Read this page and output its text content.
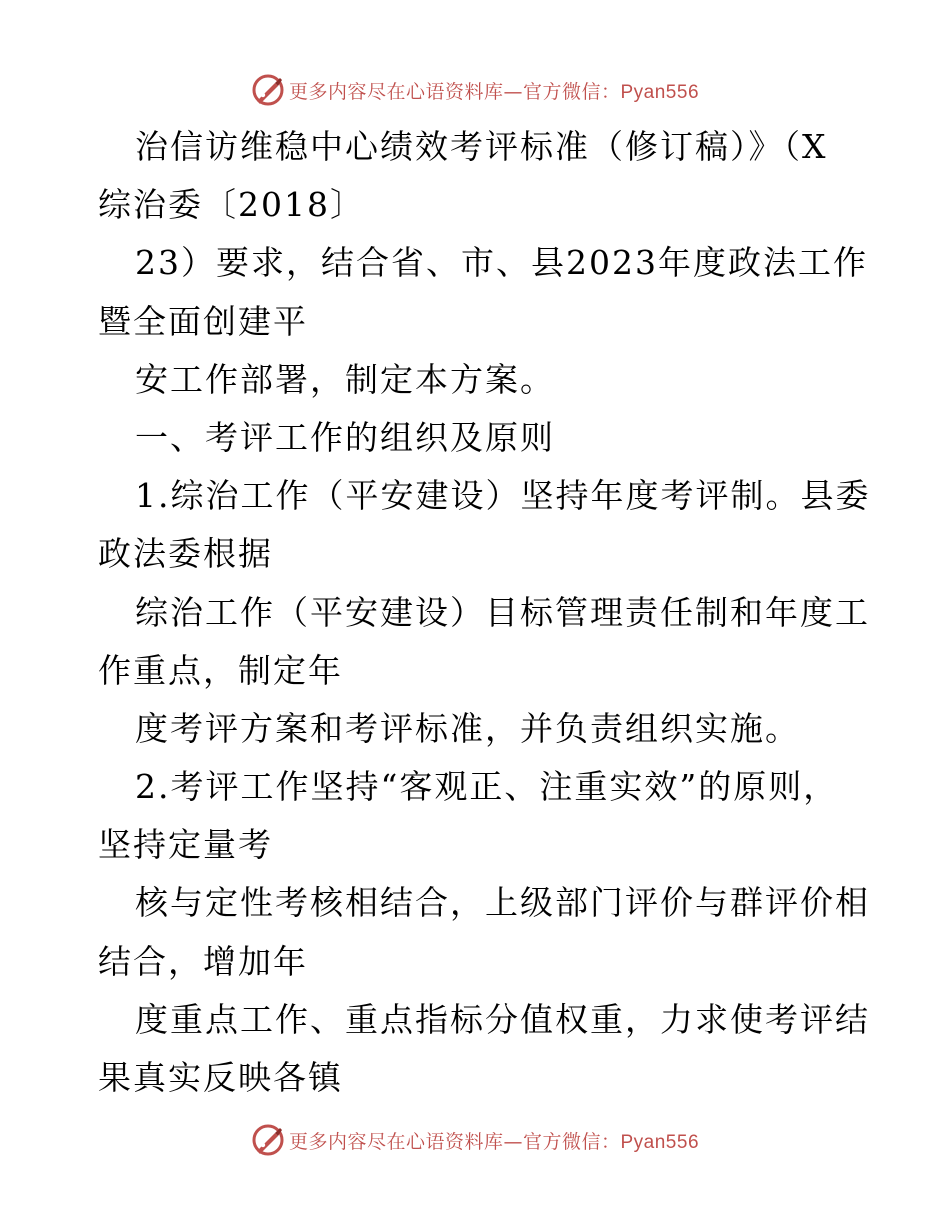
更多内容尽在心语资料库—官方微信：Pyan556
治信访维稳中心绩效考评标准（修订稿）》（X
综治委〔2018〕
23）要求，结合省、市、县2023年度政法工作
暨全面创建平
安工作部署，制定本方案。
一、考评工作的组织及原则
1.综治工作（平安建设）坚持年度考评制。县委
政法委根据
综治工作（平安建设）目标管理责任制和年度工
作重点，制定年
度考评方案和考评标准，并负责组织实施。
2.考评工作坚持“客观正、注重实效”的原则，
坚持定量考
核与定性考核相结合，上级部门评价与群评价相
结合，增加年
度重点工作、重点指标分值权重，力求使考评结
果真实反映各镇
更多内容尽在心语资料库—官方微信：Pyan556
